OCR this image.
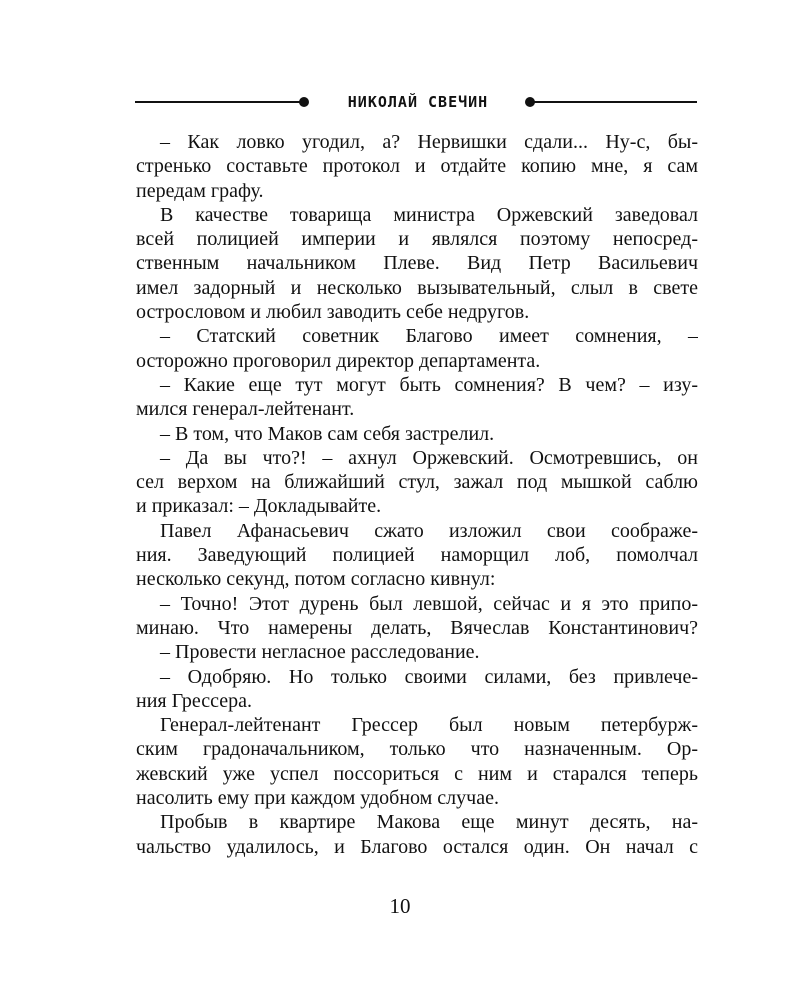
НИКОЛАЙ СВЕЧИН
– Как ловко угодил, а? Нервишки сдали... Ну-с, бы-
стренько составьте протокол и отдайте копию мне, я сам
передам графу.
В качестве товарища министра Оржевский заведовал
всей полицией империи и являлся поэтому непосред-
ственным начальником Плеве. Вид Петр Васильевич
имел задорный и несколько вызывательный, слыл в свете
острословом и любил заводить себе недругов.
– Статский советник Благово имеет сомнения, –
осторожно проговорил директор департамента.
– Какие еще тут могут быть сомнения? В чем? – изу-
мился генерал-лейтенант.
– В том, что Маков сам себя застрелил.
– Да вы что?! – ахнул Оржевский. Осмотревшись, он
сел верхом на ближайший стул, зажал под мышкой саблю
и приказал: – Докладывайте.
Павел Афанасьевич сжато изложил свои соображе-
ния. Заведующий полицией наморщил лоб, помолчал
несколько секунд, потом согласно кивнул:
– Точно! Этот дурень был левшой, сейчас и я это припо-
минаю. Что намерены делать, Вячеслав Константинович?
– Провести негласное расследование.
– Одобряю. Но только своими силами, без привлече-
ния Грессера.
Генерал-лейтенант Грессер был новым петербурж-
ским градоначальником, только что назначенным. Ор-
жевский уже успел поссориться с ним и старался теперь
насолить ему при каждом удобном случае.
Пробыв в квартире Макова еще минут десять, на-
чальство удалилось, и Благово остался один. Он начал с
10
